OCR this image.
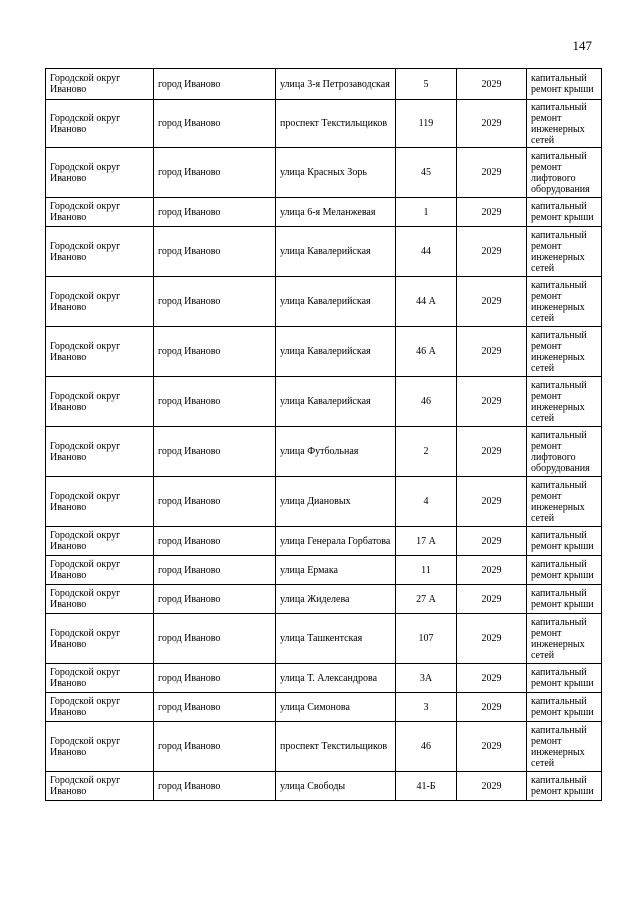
147
Городской округ Иваново	город Иваново	улица 3-я Петрозаводская	5	2029	капитальный ремонт крыши
Городской округ Иваново	город Иваново	проспект Текстильщиков	119	2029	капитальный ремонт инженерных сетей
Городской округ Иваново	город Иваново	улица Красных Зорь	45	2029	капитальный ремонт лифтового оборудования
Городской округ Иваново	город Иваново	улица 6-я Меланжевая	1	2029	капитальный ремонт крыши
Городской округ Иваново	город Иваново	улица Кавалерийская	44	2029	капитальный ремонт инженерных сетей
Городской округ Иваново	город Иваново	улица Кавалерийская	44 А	2029	капитальный ремонт инженерных сетей
Городской округ Иваново	город Иваново	улица Кавалерийская	46 А	2029	капитальный ремонт инженерных сетей
Городской округ Иваново	город Иваново	улица Кавалерийская	46	2029	капитальный ремонт инженерных сетей
Городской округ Иваново	город Иваново	улица Футбольная	2	2029	капитальный ремонт лифтового оборудования
Городской округ Иваново	город Иваново	улица Диановых	4	2029	капитальный ремонт инженерных сетей
Городской округ Иваново	город Иваново	улица Генерала Горбатова	17 А	2029	капитальный ремонт крыши
Городской округ Иваново	город Иваново	улица Ермака	11	2029	капитальный ремонт крыши
Городской округ Иваново	город Иваново	улица Жиделева	27 А	2029	капитальный ремонт крыши
Городской округ Иваново	город Иваново	улица Ташкентская	107	2029	капитальный ремонт инженерных сетей
Городской округ Иваново	город Иваново	улица Т. Александрова	3А	2029	капитальный ремонт крыши
Городской округ Иваново	город Иваново	улица Симонова	3	2029	капитальный ремонт крыши
Городской округ Иваново	город Иваново	проспект Текстильщиков	46	2029	капитальный ремонт инженерных сетей
Городской округ Иваново	город Иваново	улица Свободы	41-Б	2029	капитальный ремонт крыши
